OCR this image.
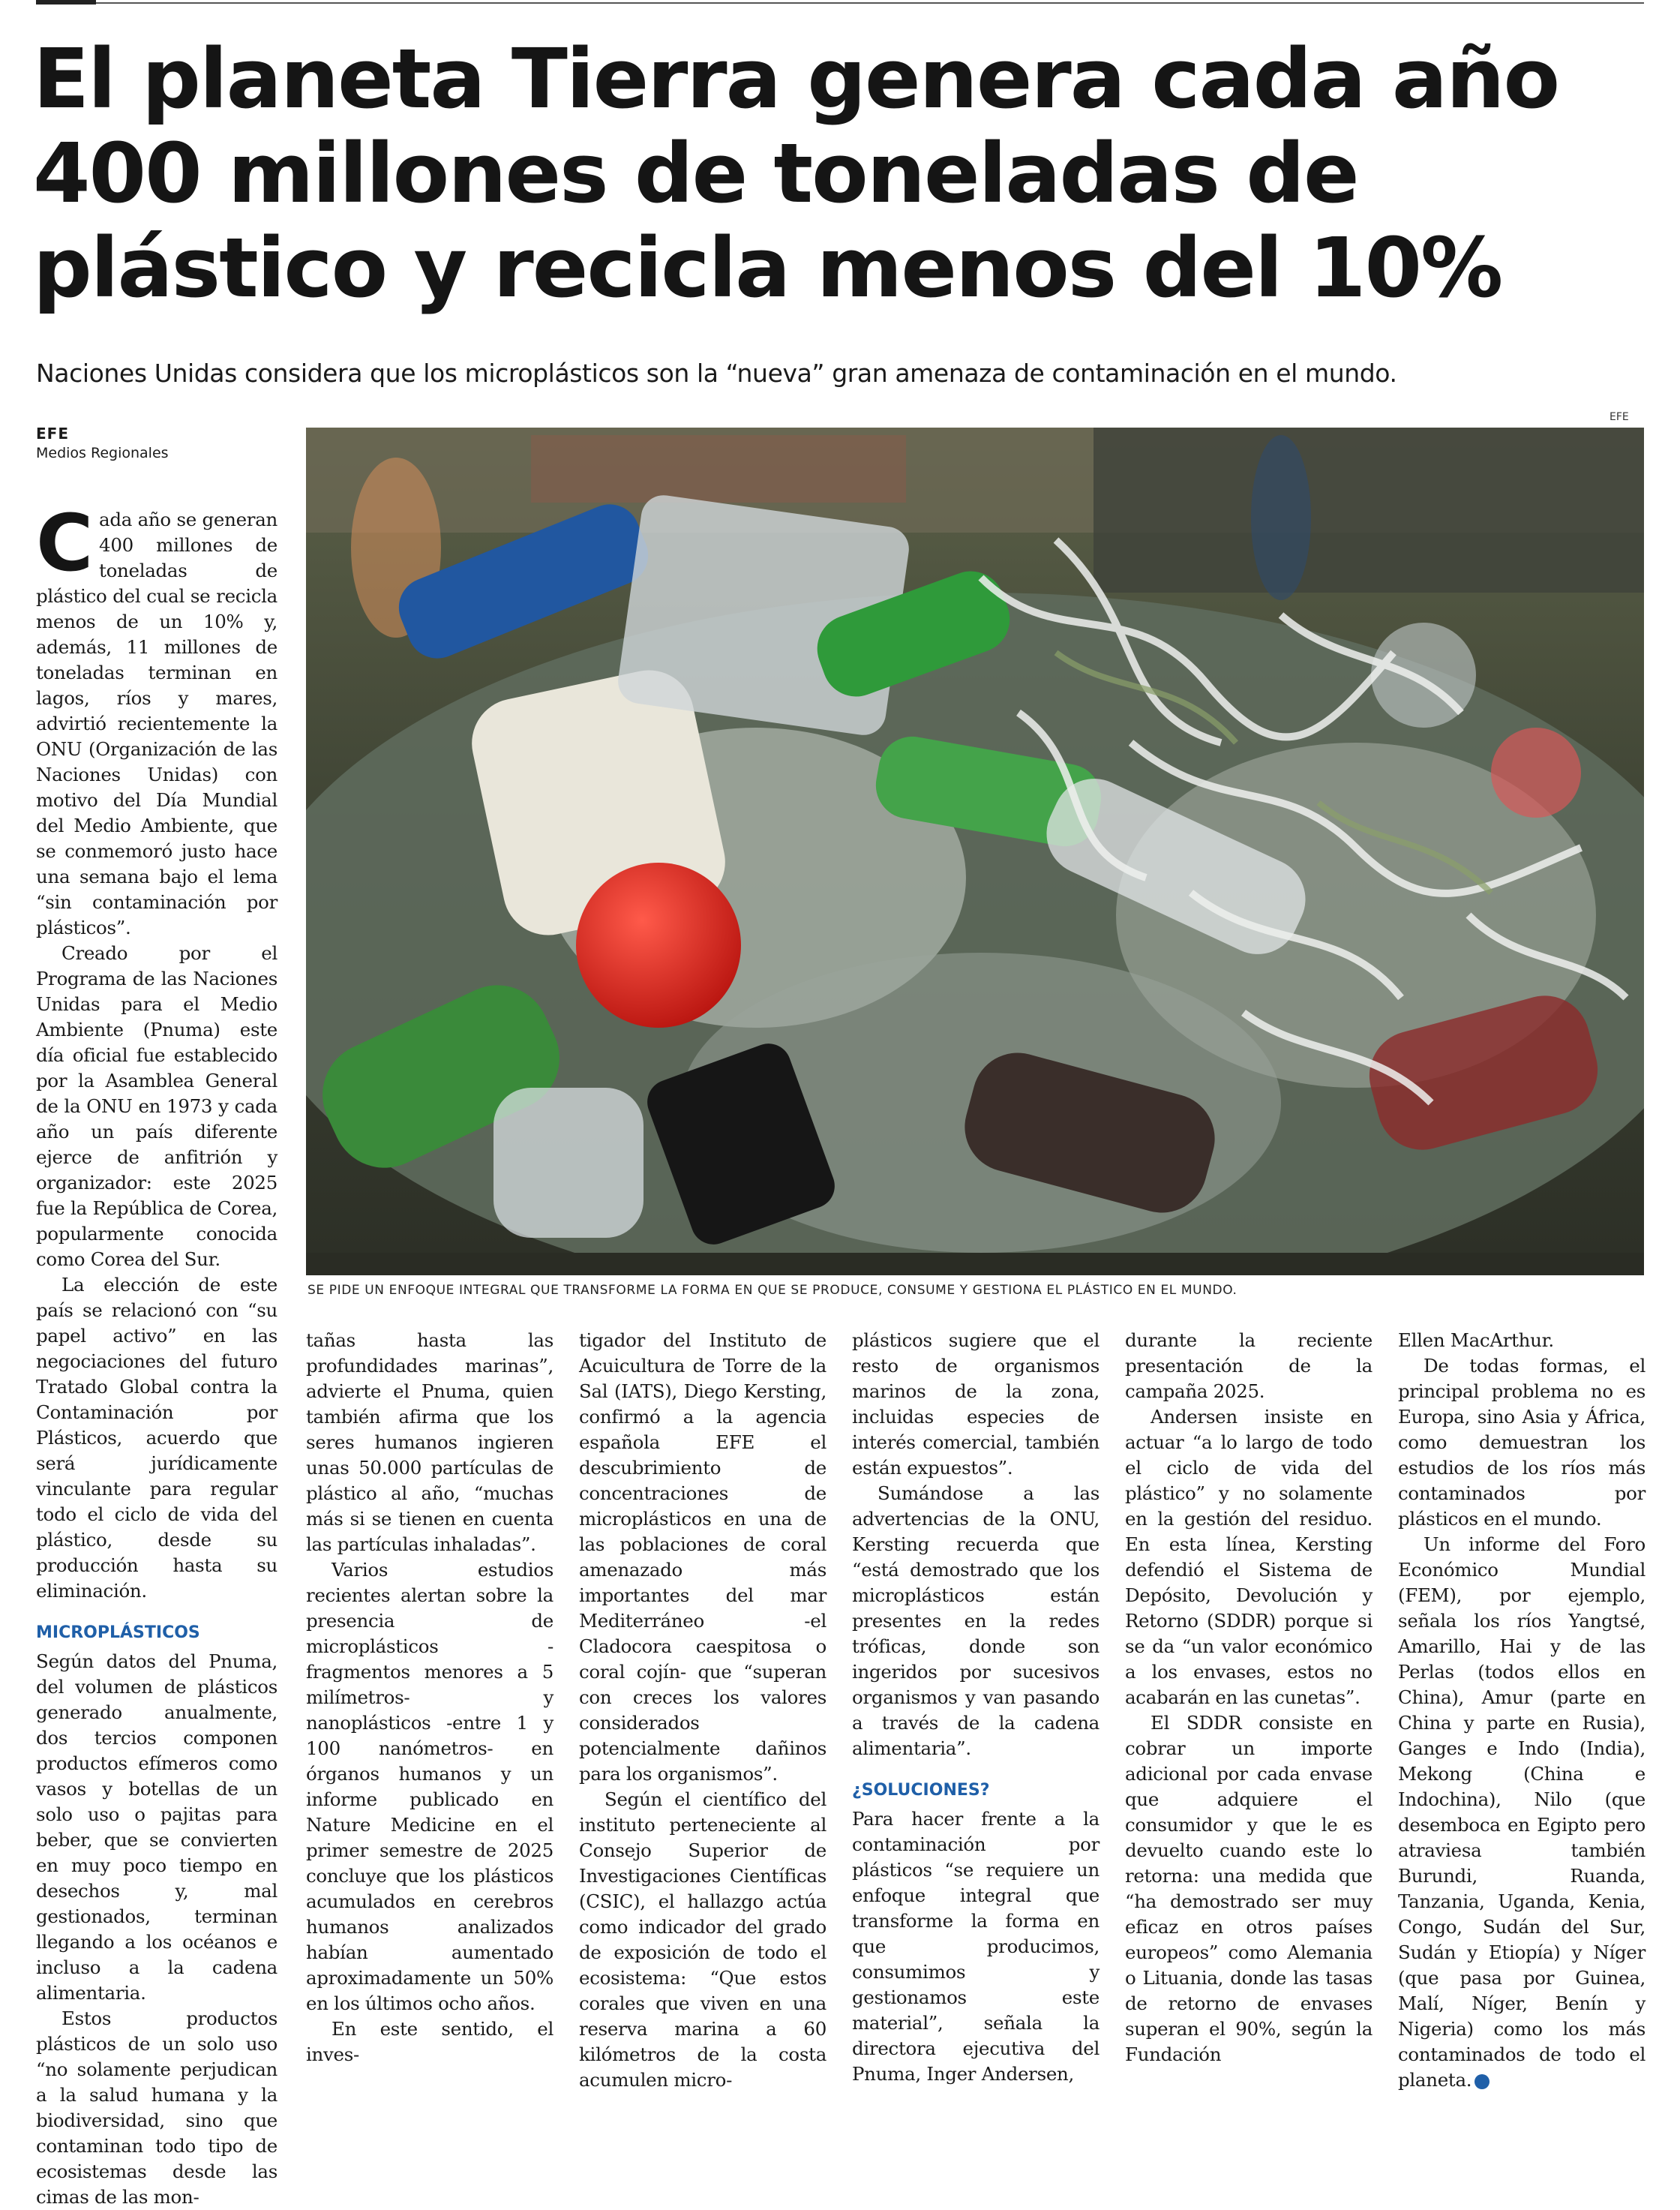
El planeta Tierra genera cada año
400 millones de toneladas de
plástico y recicla menos del 10%
Naciones Unidas considera que los microplásticos son la “nueva” gran amenaza de contaminación en el mundo.
EFE
Medios Regionales
EFE
SE PIDE UN ENFOQUE INTEGRAL QUE TRANSFORME LA FORMA EN QUE SE PRODUCE, CONSUME Y GESTIONA EL PLÁSTICO EN EL MUNDO.
C ada año se generan 400 millones de toneladas de plástico del cual se recicla menos de un 10% y, además, 11 millones de toneladas terminan en lagos, ríos y mares, advirtió recientemente la ONU (Organización de las Naciones Unidas) con motivo del Día Mundial del Medio Ambiente, que se conmemoró justo hace una semana bajo el lema “sin contaminación por plásticos”.

Creado por el Programa de las Naciones Unidas para el Medio Ambiente (Pnuma) este día oficial fue establecido por la Asamblea General de la ONU en 1973 y cada año un país diferente ejerce de anfitrión y organizador: este 2025 fue la República de Corea, popularmente conocida como Corea del Sur.

La elección de este país se relacionó con “su papel activo” en las negociaciones del futuro Tratado Global contra la Contaminación por Plásticos, acuerdo que será jurídicamente vinculante para regular todo el ciclo de vida del plástico, desde su producción hasta su eliminación.

MICROPLÁSTICOS

Según datos del Pnuma, del volumen de plásticos generado anualmente, dos tercios componen productos efímeros como vasos y botellas de un solo uso o pajitas para beber, que se convierten en muy poco tiempo en desechos y, mal gestionados, terminan llegando a los océanos e incluso a la cadena alimentaria.

Estos productos plásticos de un solo uso “no solamente perjudican a la salud humana y la biodiversidad, sino que contaminan todo tipo de ecosistemas desde las cimas de las mon-

tañas hasta las profundidades marinas”, advierte el Pnuma, quien también afirma que los seres humanos ingieren unas 50.000 partículas de plástico al año, “muchas más si se tienen en cuenta las partículas inhaladas”.

Varios estudios recientes alertan sobre la presencia de microplásticos -fragmentos menores a 5 milímetros- y nanoplásticos -entre 1 y 100 nanómetros- en órganos humanos y un informe publicado en Nature Medicine en el primer semestre de 2025 concluye que los plásticos acumulados en cerebros humanos analizados habían aumentado aproximadamente un 50% en los últimos ocho años.

En este sentido, el inves-

tigador del Instituto de Acuicultura de Torre de la Sal (IATS), Diego Kersting, confirmó a la agencia española EFE el descubrimiento de concentraciones de microplásticos en una de las poblaciones de coral amenazado más importantes del mar Mediterráneo -el Cladocora caespitosa o coral cojín- que “superan con creces los valores considerados potencialmente dañinos para los organismos”.

Según el científico del instituto perteneciente al Consejo Superior de Investigaciones Científicas (CSIC), el hallazgo actúa como indicador del grado de exposición de todo el ecosistema: “Que estos corales que viven en una reserva marina a 60 kilómetros de la costa acumulen micro-

plásticos sugiere que el resto de organismos marinos de la zona, incluidas especies de interés comercial, también están expuestos”.

Sumándose a las advertencias de la ONU, Kersting recuerda que “está demostrado que los microplásticos están presentes en la redes tróficas, donde son ingeridos por sucesivos organismos y van pasando a través de la cadena alimentaria”.

¿SOLUCIONES?

Para hacer frente a la contaminación por plásticos “se requiere un enfoque integral que transforme la forma en que producimos, consumimos y gestionamos este material”, señala la directora ejecutiva del Pnuma, Inger Andersen,

durante la reciente presentación de la campaña 2025.

Andersen insiste en actuar “a lo largo de todo el ciclo de vida del plástico” y no solamente en la gestión del residuo. En esta línea, Kersting defendió el Sistema de Depósito, Devolución y Retorno (SDDR) porque si se da “un valor económico a los envases, estos no acabarán en las cunetas”.

El SDDR consiste en cobrar un importe adicional por cada envase que adquiere el consumidor y que le es devuelto cuando este lo retorna: una medida que “ha demostrado ser muy eficaz en otros países europeos” como Alemania o Lituania, donde las tasas de retorno de envases superan el 90%, según la Fundación

Ellen MacArthur.

De todas formas, el principal problema no es Europa, sino Asia y África, como demuestran los estudios de los ríos más contaminados por plásticos en el mundo.

Un informe del Foro Económico Mundial (FEM), por ejemplo, señala los ríos Yangtsé, Amarillo, Hai y de las Perlas (todos ellos en China), Amur (parte en China y parte en Rusia), Ganges e Indo (India), Mekong (China e Indochina), Nilo (que desemboca en Egipto pero atraviesa también Burundi, Ruanda, Tanzania, Uganda, Kenia, Congo, Sudán del Sur, Sudán y Etiopía) y Níger (que pasa por Guinea, Malí, Níger, Benín y Nigeria) como los más contaminados de todo el planeta.	✪
